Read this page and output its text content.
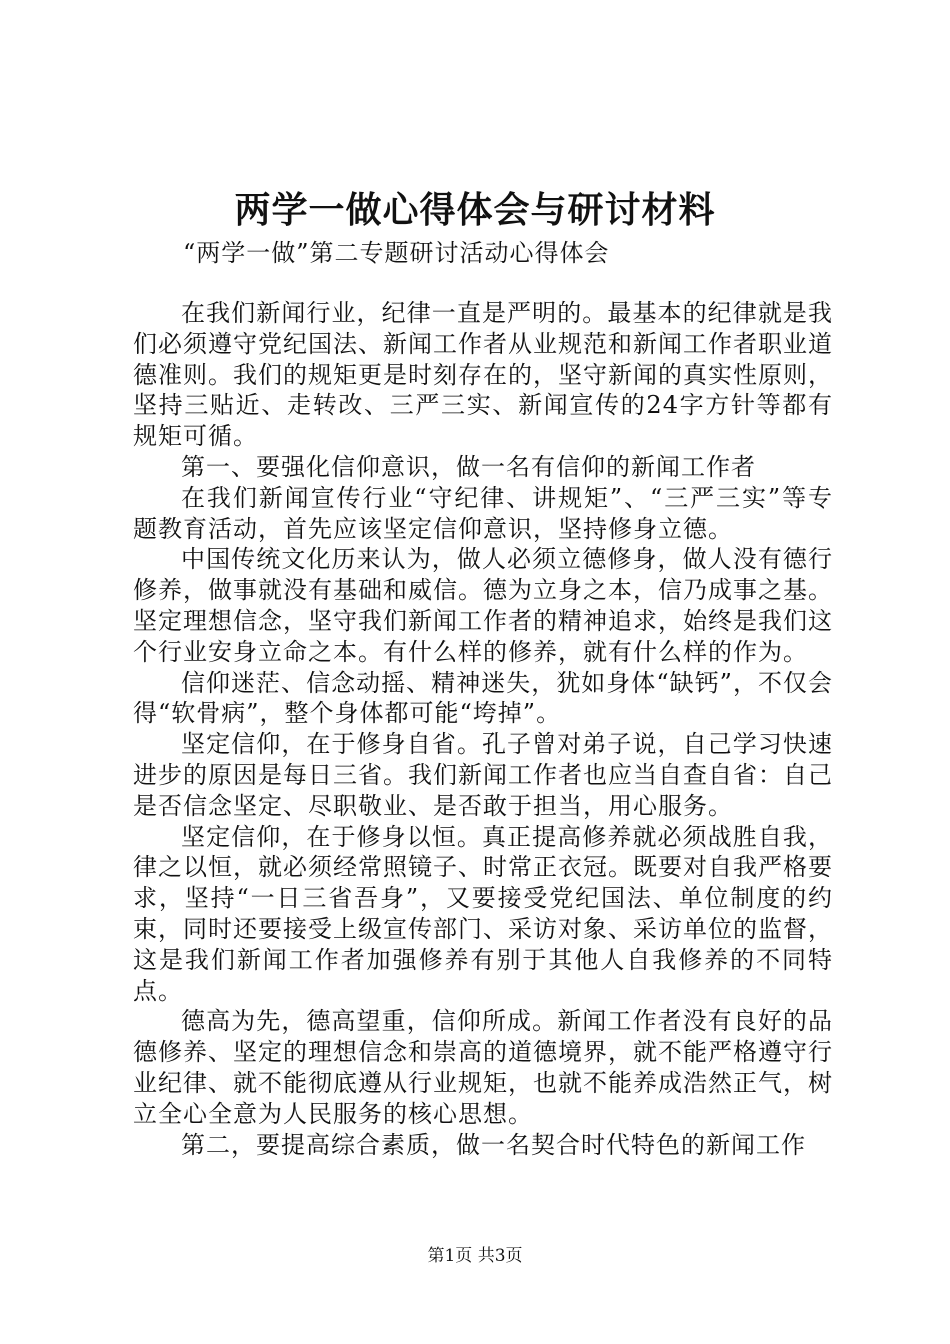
两学一做心得体会与研讨材料
“两学一做”第二专题研讨活动心得体会

在我们新闻行业，纪律一直是严明的。最基本的纪律就是我们必须遵守党纪国法、新闻工作者从业规范和新闻工作者职业道德准则。我们的规矩更是时刻存在的，坚守新闻的真实性原则，坚持三贴近、走转改、三严三实、新闻宣传的24字方针等都有规矩可循。

第一、要强化信仰意识，做一名有信仰的新闻工作者

在我们新闻宣传行业“守纪律、讲规矩”、“三严三实”等专题教育活动，首先应该坚定信仰意识，坚持修身立德。

中国传统文化历来认为，做人必须立德修身，做人没有德行修养，做事就没有基础和威信。德为立身之本，信乃成事之基。坚定理想信念，坚守我们新闻工作者的精神追求，始终是我们这个行业安身立命之本。有什么样的修养，就有什么样的作为。

信仰迷茫、信念动摇、精神迷失，犹如身体“缺钙”，不仅会得“软骨病”，整个身体都可能“垮掉”。

坚定信仰，在于修身自省。孔子曾对弟子说，自己学习快速进步的原因是每日三省。我们新闻工作者也应当自查自省：自己是否信念坚定、尽职敬业、是否敢于担当，用心服务。

坚定信仰，在于修身以恒。真正提高修养就必须战胜自我，律之以恒，就必须经常照镜子、时常正衣冠。既要对自我严格要求，坚持“一日三省吾身”，又要接受党纪国法、单位制度的约束，同时还要接受上级宣传部门、采访对象、采访单位的监督，这是我们新闻工作者加强修养有别于其他人自我修养的不同特点。

德高为先，德高望重，信仰所成。新闻工作者没有良好的品德修养、坚定的理想信念和崇高的道德境界，就不能严格遵守行业纪律、就不能彻底遵从行业规矩，也就不能养成浩然正气，树立全心全意为人民服务的核心思想。

第二，要提高综合素质，做一名契合时代特色的新闻工作

第1页 共3页
